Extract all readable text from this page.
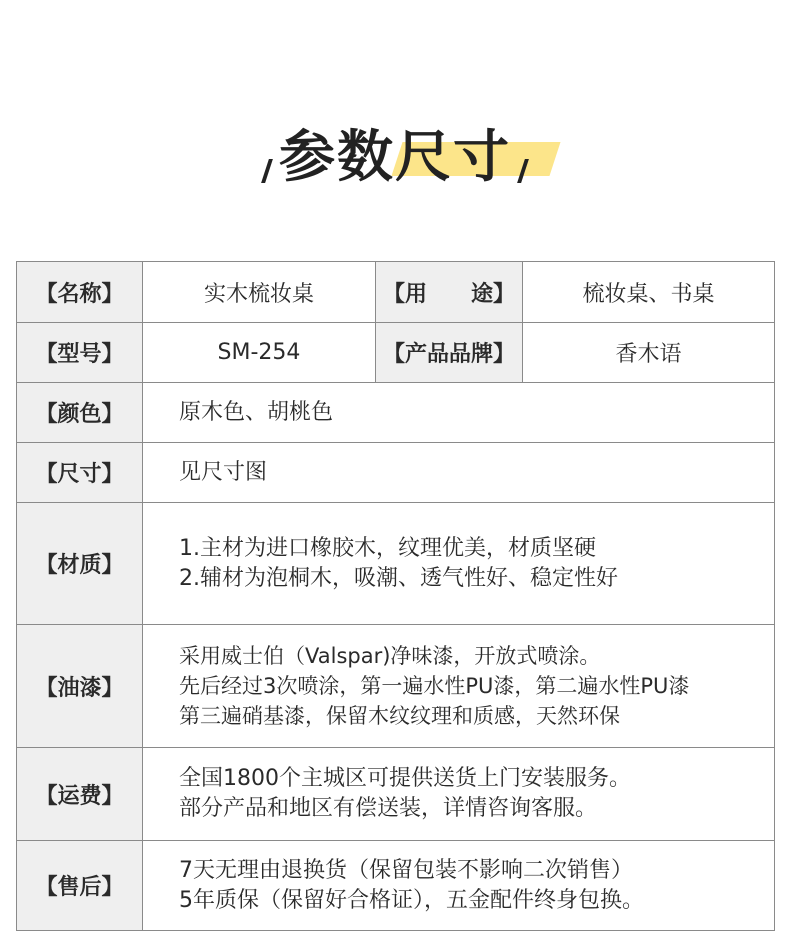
参数尺寸
【名称】	实木梳妆桌	【用　　途】	梳妆桌、书桌
【型号】	SM-254	【产品品牌】	香木语
【颜色】	原木色、胡桃色		
【尺寸】	见尺寸图		
【材质】	1.主材为进口橡胶木，纹理优美，材质坚硬
2.辅材为泡桐木，吸潮、透气性好、稳定性好		

【油漆】	采用威士伯（Valspar)净味漆，开放式喷涂。
先后经过3次喷涂，第一遍水性PU漆，第二遍水性PU漆
第三遍硝基漆，保留木纹纹理和质感，天然环保		

【运费】	全国1800个主城区可提供送货上门安装服务。
部分产品和地区有偿送装，详情咨询客服。		

【售后】	7天无理由退换货（保留包装不影响二次销售）
5年质保（保留好合格证），五金配件终身包换。		
